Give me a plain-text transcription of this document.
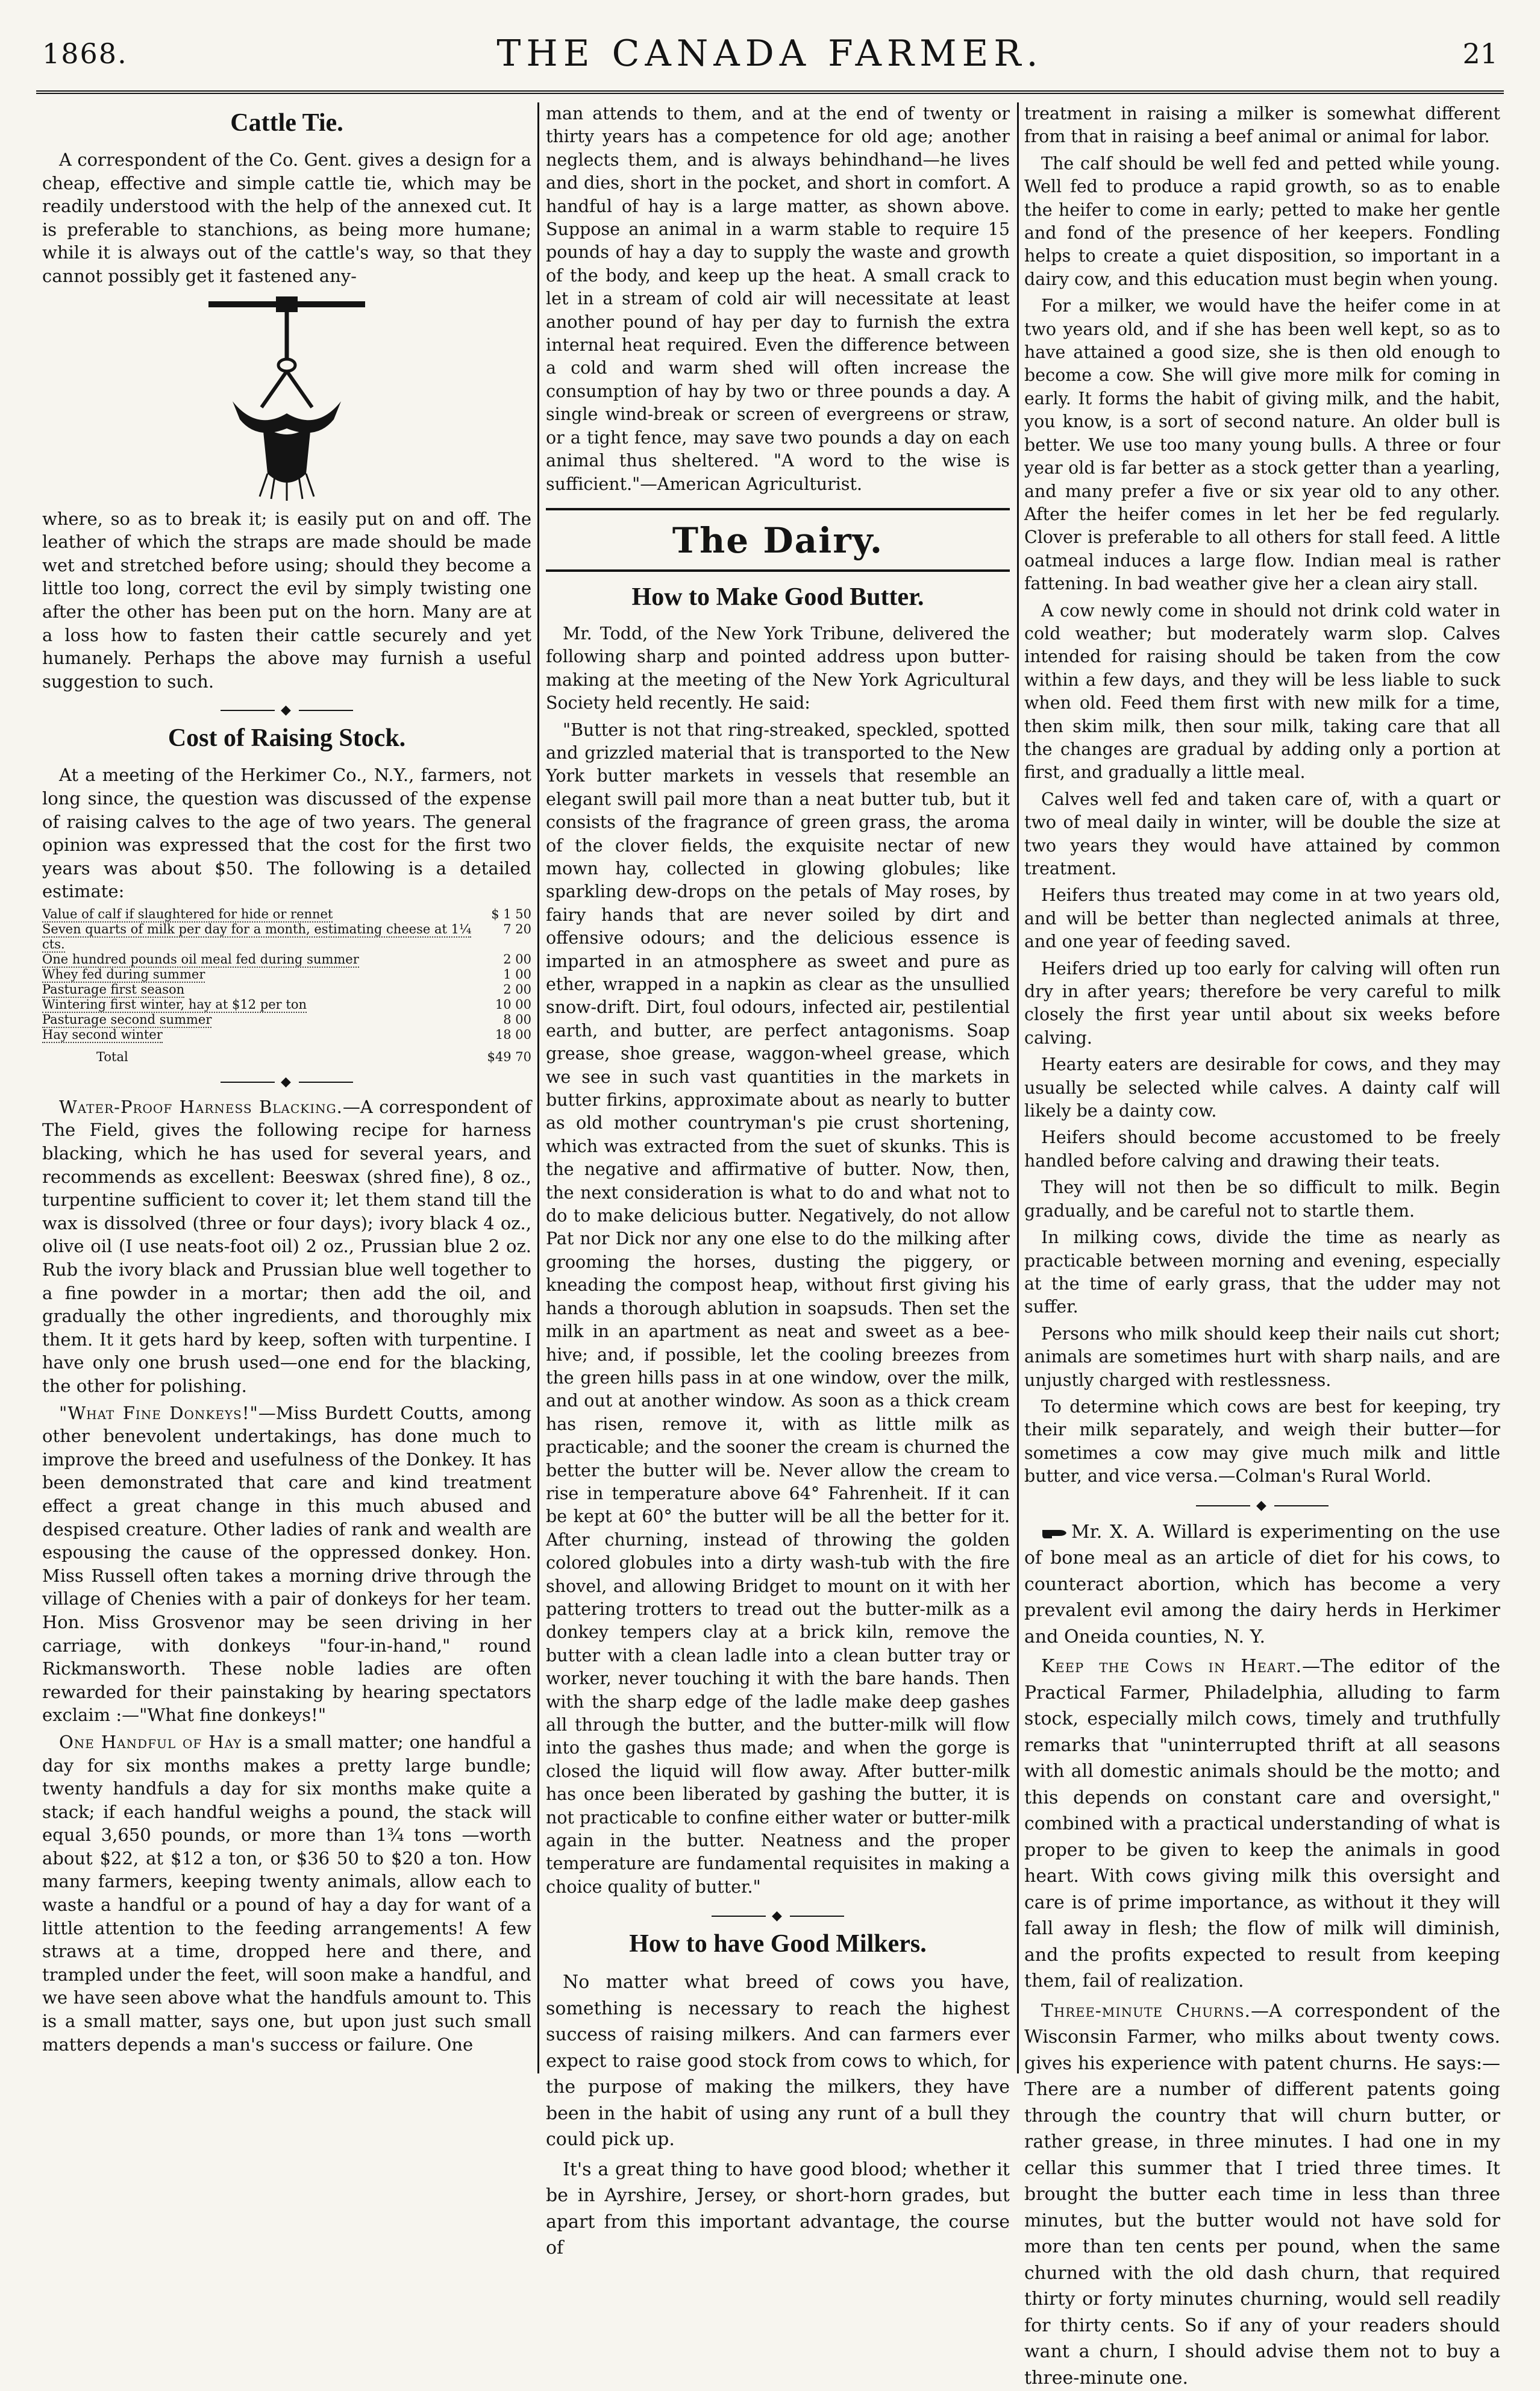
1868.	THE CANADA FARMER.	21
Cattle Tie.

A correspondent of the Co. Gent. gives a design for a cheap, effective and simple cattle tie, which may be readily understood with the help of the annexed cut. It is preferable to stanchions, as being more humane; while it is always out of the cattle's way, so that they cannot possibly get it fastened any-

where, so as to break it; is easily put on and off. The leather of which the straps are made should be made wet and stretched before using; should they become a little too long, correct the evil by simply twisting one after the other has been put on the horn. Many are at a loss how to fasten their cattle securely and yet humanely. Perhaps the above may furnish a useful suggestion to such.

◆
Cost of Raising Stock.

At a meeting of the Herkimer Co., N.Y., farmers, not long since, the question was discussed of the expense of raising calves to the age of two years. The general opinion was expressed that the cost for the first two years was about $50. The following is a detailed estimate:

Value of calf if slaughtered for hide or rennet	$ 1 50
Seven quarts of milk per day for a month, estimating cheese at 1¼ cts.	7 20
One hundred pounds oil meal fed during summer	2 00
Whey fed during summer	1 00
Pasturage first season	2 00
Wintering first winter, hay at $12 per ton	10 00
Pasturage second summer	8 00
Hay second winter	18 00
Total	$49 70
◆

Water-Proof Harness Blacking.—A correspondent of The Field, gives the following recipe for harness blacking, which he has used for several years, and recommends as excellent: Beeswax (shred fine), 8 oz., turpentine sufficient to cover it; let them stand till the wax is dissolved (three or four days); ivory black 4 oz., olive oil (I use neats-foot oil) 2 oz., Prussian blue 2 oz. Rub the ivory black and Prussian blue well together to a fine powder in a mortar; then add the oil, and gradually the other ingredients, and thoroughly mix them. It it gets hard by keep, soften with turpentine. I have only one brush used—one end for the blacking, the other for polishing.

"What Fine Donkeys!"—Miss Burdett Coutts, among other benevolent undertakings, has done much to improve the breed and usefulness of the Donkey. It has been demonstrated that care and kind treatment effect a great change in this much abused and despised creature. Other ladies of rank and wealth are espousing the cause of the oppressed donkey. Hon. Miss Russell often takes a morning drive through the village of Chenies with a pair of donkeys for her team. Hon. Miss Grosvenor may be seen driving in her carriage, with donkeys "four-in-hand," round Rickmansworth. These noble ladies are often rewarded for their painstaking by hearing spectators exclaim :—"What fine donkeys!"

One Handful of Hay is a small matter; one handful a day for six months makes a pretty large bundle; twenty handfuls a day for six months make quite a stack; if each handful weighs a pound, the stack will equal 3,650 pounds, or more than 1¾ tons —worth about $22, at $12 a ton, or $36 50 to $20 a ton. How many farmers, keeping twenty animals, allow each to waste a handful or a pound of hay a day for want of a little attention to the feeding arrangements! A few straws at a time, dropped here and there, and trampled under the feet, will soon make a handful, and we have seen above what the handfuls amount to. This is a small matter, says one, but upon just such small matters depends a man's success or failure. One

man attends to them, and at the end of twenty or thirty years has a competence for old age; another neglects them, and is always behindhand—he lives and dies, short in the pocket, and short in comfort. A handful of hay is a large matter, as shown above. Suppose an animal in a warm stable to require 15 pounds of hay a day to supply the waste and growth of the body, and keep up the heat. A small crack to let in a stream of cold air will necessitate at least another pound of hay per day to furnish the extra internal heat required. Even the difference between a cold and warm shed will often increase the consumption of hay by two or three pounds a day. A single wind-break or screen of evergreens or straw, or a tight fence, may save two pounds a day on each animal thus sheltered. "A word to the wise is sufficient."—American Agriculturist.

The Dairy.
How to Make Good Butter.

Mr. Todd, of the New York Tribune, delivered the following sharp and pointed address upon butter-making at the meeting of the New York Agricultural Society held recently. He said:

"Butter is not that ring-streaked, speckled, spotted and grizzled material that is transported to the New York butter markets in vessels that resemble an elegant swill pail more than a neat butter tub, but it consists of the fragrance of green grass, the aroma of the clover fields, the exquisite nectar of new mown hay, collected in glowing globules; like sparkling dew-drops on the petals of May roses, by fairy hands that are never soiled by dirt and offensive odours; and the delicious essence is imparted in an atmosphere as sweet and pure as ether, wrapped in a napkin as clear as the unsullied snow-drift. Dirt, foul odours, infected air, pestilential earth, and butter, are perfect antagonisms. Soap grease, shoe grease, waggon-wheel grease, which we see in such vast quantities in the markets in butter firkins, approximate about as nearly to butter as old mother countryman's pie crust shortening, which was extracted from the suet of skunks. This is the negative and affirmative of butter. Now, then, the next consideration is what to do and what not to do to make delicious butter. Negatively, do not allow Pat nor Dick nor any one else to do the milking after grooming the horses, dusting the piggery, or kneading the compost heap, without first giving his hands a thorough ablution in soapsuds. Then set the milk in an apartment as neat and sweet as a bee-hive; and, if possible, let the cooling breezes from the green hills pass in at one window, over the milk, and out at another window. As soon as a thick cream has risen, remove it, with as little milk as practicable; and the sooner the cream is churned the better the butter will be. Never allow the cream to rise in temperature above 64° Fahrenheit. If it can be kept at 60° the butter will be all the better for it. After churning, instead of throwing the golden colored globules into a dirty wash-tub with the fire shovel, and allowing Bridget to mount on it with her pattering trotters to tread out the butter-milk as a donkey tempers clay at a brick kiln, remove the butter with a clean ladle into a clean butter tray or worker, never touching it with the bare hands. Then with the sharp edge of the ladle make deep gashes all through the butter, and the butter-milk will flow into the gashes thus made; and when the gorge is closed the liquid will flow away. After butter-milk has once been liberated by gashing the butter, it is not practicable to confine either water or butter-milk again in the butter. Neatness and the proper temperature are fundamental requisites in making a choice quality of butter."

◆
How to have Good Milkers.

No matter what breed of cows you have, something is necessary to reach the highest success of raising milkers. And can farmers ever expect to raise good stock from cows to which, for the purpose of making the milkers, they have been in the habit of using any runt of a bull they could pick up.

It's a great thing to have good blood; whether it be in Ayrshire, Jersey, or short-horn grades, but apart from this important advantage, the course of

treatment in raising a milker is somewhat different from that in raising a beef animal or animal for labor.

The calf should be well fed and petted while young. Well fed to produce a rapid growth, so as to enable the heifer to come in early; petted to make her gentle and fond of the presence of her keepers. Fondling helps to create a quiet disposition, so important in a dairy cow, and this education must begin when young.

For a milker, we would have the heifer come in at two years old, and if she has been well kept, so as to have attained a good size, she is then old enough to become a cow. She will give more milk for coming in early. It forms the habit of giving milk, and the habit, you know, is a sort of second nature. An older bull is better. We use too many young bulls. A three or four year old is far better as a stock getter than a yearling, and many prefer a five or six year old to any other. After the heifer comes in let her be fed regularly. Clover is preferable to all others for stall feed. A little oatmeal induces a large flow. Indian meal is rather fattening. In bad weather give her a clean airy stall.

A cow newly come in should not drink cold water in cold weather; but moderately warm slop. Calves intended for raising should be taken from the cow within a few days, and they will be less liable to suck when old. Feed them first with new milk for a time, then skim milk, then sour milk, taking care that all the changes are gradual by adding only a portion at first, and gradually a little meal.

Calves well fed and taken care of, with a quart or two of meal daily in winter, will be double the size at two years they would have attained by common treatment.

Heifers thus treated may come in at two years old, and will be better than neglected animals at three, and one year of feeding saved.

Heifers dried up too early for calving will often run dry in after years; therefore be very careful to milk closely the first year until about six weeks before calving.

Hearty eaters are desirable for cows, and they may usually be selected while calves. A dainty calf will likely be a dainty cow.

Heifers should become accustomed to be freely handled before calving and drawing their teats.

They will not then be so difficult to milk. Begin gradually, and be careful not to startle them.

In milking cows, divide the time as nearly as practicable between morning and evening, especially at the time of early grass, that the udder may not suffer.

Persons who milk should keep their nails cut short; animals are sometimes hurt with sharp nails, and are unjustly charged with restlessness.

To determine which cows are best for keeping, try their milk separately, and weigh their butter—for sometimes a cow may give much milk and little butter, and vice versa.—Colman's Rural World.

◆

Mr. X. A. Willard is experimenting on the use of bone meal as an article of diet for his cows, to counteract abortion, which has become a very prevalent evil among the dairy herds in Herkimer and Oneida counties, N. Y.

Keep the Cows in Heart.—The editor of the Practical Farmer, Philadelphia, alluding to farm stock, especially milch cows, timely and truthfully remarks that "uninterrupted thrift at all seasons with all domestic animals should be the motto; and this depends on constant care and oversight," combined with a practical understanding of what is proper to be given to keep the animals in good heart. With cows giving milk this oversight and care is of prime importance, as without it they will fall away in flesh; the flow of milk will diminish, and the profits expected to result from keeping them, fail of realization.

Three-minute Churns.—A correspondent of the Wisconsin Farmer, who milks about twenty cows. gives his experience with patent churns. He says:—There are a number of different patents going through the country that will churn butter, or rather grease, in three minutes. I had one in my cellar this summer that I tried three times. It brought the butter each time in less than three minutes, but the butter would not have sold for more than ten cents per pound, when the same churned with the old dash churn, that required thirty or forty minutes churning, would sell readily for thirty cents. So if any of your readers should want a churn, I should advise them not to buy a three-minute one.
